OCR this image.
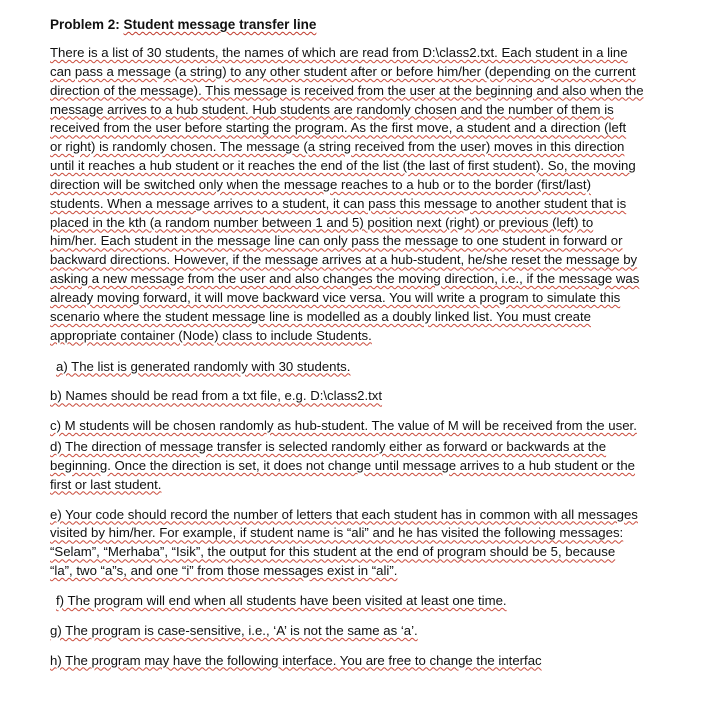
Problem 2: Student message transfer line

There is a list of 30 students, the names of which are read from D:\class2.txt. Each student in a line
can pass a message (a string) to any other student after or before him/her (depending on the current
direction of the message). This message is received from the user at the beginning and also when the
message arrives to a hub student. Hub students are randomly chosen and the number of them is
received from the user before starting the program. As the first move, a student and a direction (left
or right) is randomly chosen. The message (a string received from the user) moves in this direction
until it reaches a hub student or it reaches the end of the list (the last of first student). So, the moving
direction will be switched only when the message reaches to a hub or to the border (first/last)
students. When a message arrives to a student, it can pass this message to another student that is
placed in the kth (a random number between 1 and 5) position next (right) or previous (left) to
him/her. Each student in the message line can only pass the message to one student in forward or
backward directions. However, if the message arrives at a hub-student, he/she reset the message by
asking a new message from the user and also changes the moving direction, i.e., if the message was
already moving forward, it will move backward vice versa. You will write a program to simulate this
scenario where the student message line is modelled as a doubly linked list. You must create
appropriate container (Node) class to include Students.

a) The list is generated randomly with 30 students.

b) Names should be read from a txt file, e.g. D:\class2.txt

c) M students will be chosen randomly as hub-student. The value of M will be received from the user.

d) The direction of message transfer is selected randomly either as forward or backwards at the
beginning. Once the direction is set, it does not change until message arrives to a hub student or the
first or last student.

e) Your code should record the number of letters that each student has in common with all messages
visited by him/her. For example, if student name is “ali” and he has visited the following messages:
“Selam”, “Merhaba”, “Isik”, the output for this student at the end of program should be 5, because
“la”, two “a”s, and one “i” from those messages exist in “ali”.

f) The program will end when all students have been visited at least one time.

g) The program is case-sensitive, i.e., ‘A’ is not the same as ‘a’.

h) The program may have the following interface. You are free to change the interfac
